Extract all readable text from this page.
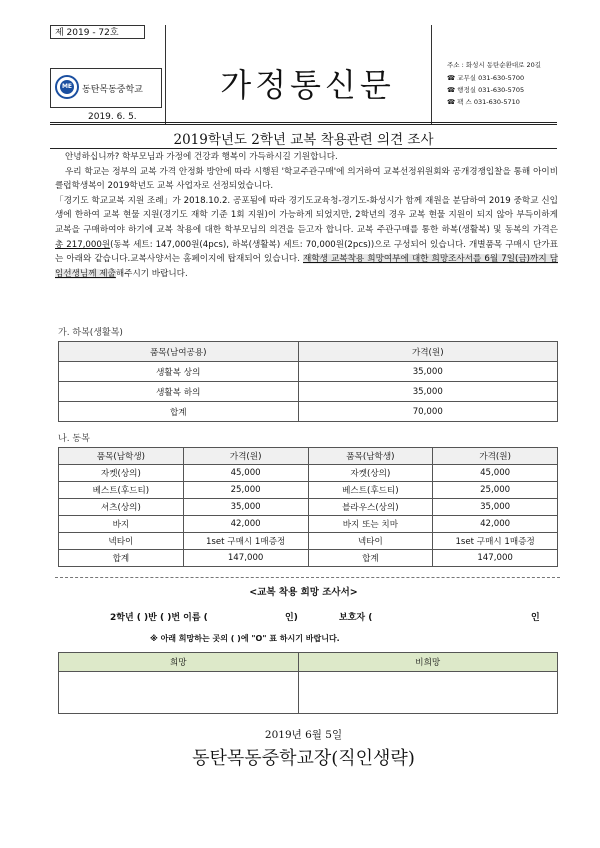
제 2019 - 72호
ME 동탄목동중학교
2019. 6. 5.
가정통신문
주소 : 화성시 동탄순환대로 20길
☎ 교무실 031-630-5700
☎ 행정실 031-630-5705
☎ 팩 스 031-630-5710
2019학년도 2학년 교복 착용관련 의견 조사

안녕하십니까? 학부모님과 가정에 건강과 행복이 가득하시길 기원합니다.

우리 학교는 정부의 교복 가격 안정화 방안에 따라 시행된 '학교주관구매'에 의거하여 교복선정위원회와 공개경쟁입찰을 통해 아이비클럽학생복이 2019학년도 교복 사업자로 선정되었습니다.

「경기도 학교교복 지원 조례」가 2018.10.2. 공포됨에 따라 경기도교육청-경기도-화성시가 함께 재원을 분담하여 2019 중학교 신입생에 한하여 교복 현물 지원(경기도 재학 기준 1회 지원)이 가능하게 되었지만, 2학년의 경우 교복 현물 지원이 되지 않아 부득이하게 교복을 구매하여야 하기에 교복 착용에 대한 학부모님의 의견을 듣고자 합니다. 교복 주관구매를 통한 하복(생활복) 및 동복의 가격은 총 217,000원(동복 세트: 147,000원(4pcs), 하복(생활복) 세트: 70,000원(2pcs))으로 구성되어 있습니다. 개별품목 구매시 단가표는 아래와 같습니다.교복사양서는 홈페이지에 탑재되어 있습니다. 재학생 교복착용 희망여부에 대한 희망조사서를 6월 7일(금)까지 담임선생님께 제출해주시기 바랍니다.

가. 하복(생활복)
품목(남여공용)	가격(원)
생활복 상의	35,000
생활복 하의	35,000
합계	70,000
나. 동복
품목(남학생)	가격(원)	품목(남학생)	가격(원)
자켓(상의)	45,000	자켓(상의)	45,000
베스트(후드티)	25,000	베스트(후드티)	25,000
셔츠(상의)	35,000	블라우스(상의)	35,000
바지	42,000	바지 또는 치마	42,000
넥타이	1set 구매시 1매증정	넥타이	1set 구매시 1매증정
합계	147,000	합계	147,000
<교복 착용 희망 조사서>
2학년 ( )반 ( )번 이름 (	인)	보호자 (	인
※ 아래 희망하는 곳의 ( )에 "O" 표 하시기 바랍니다.
희망	비희망

2019년 6월 5일
동탄목동중학교장(직인생략)
